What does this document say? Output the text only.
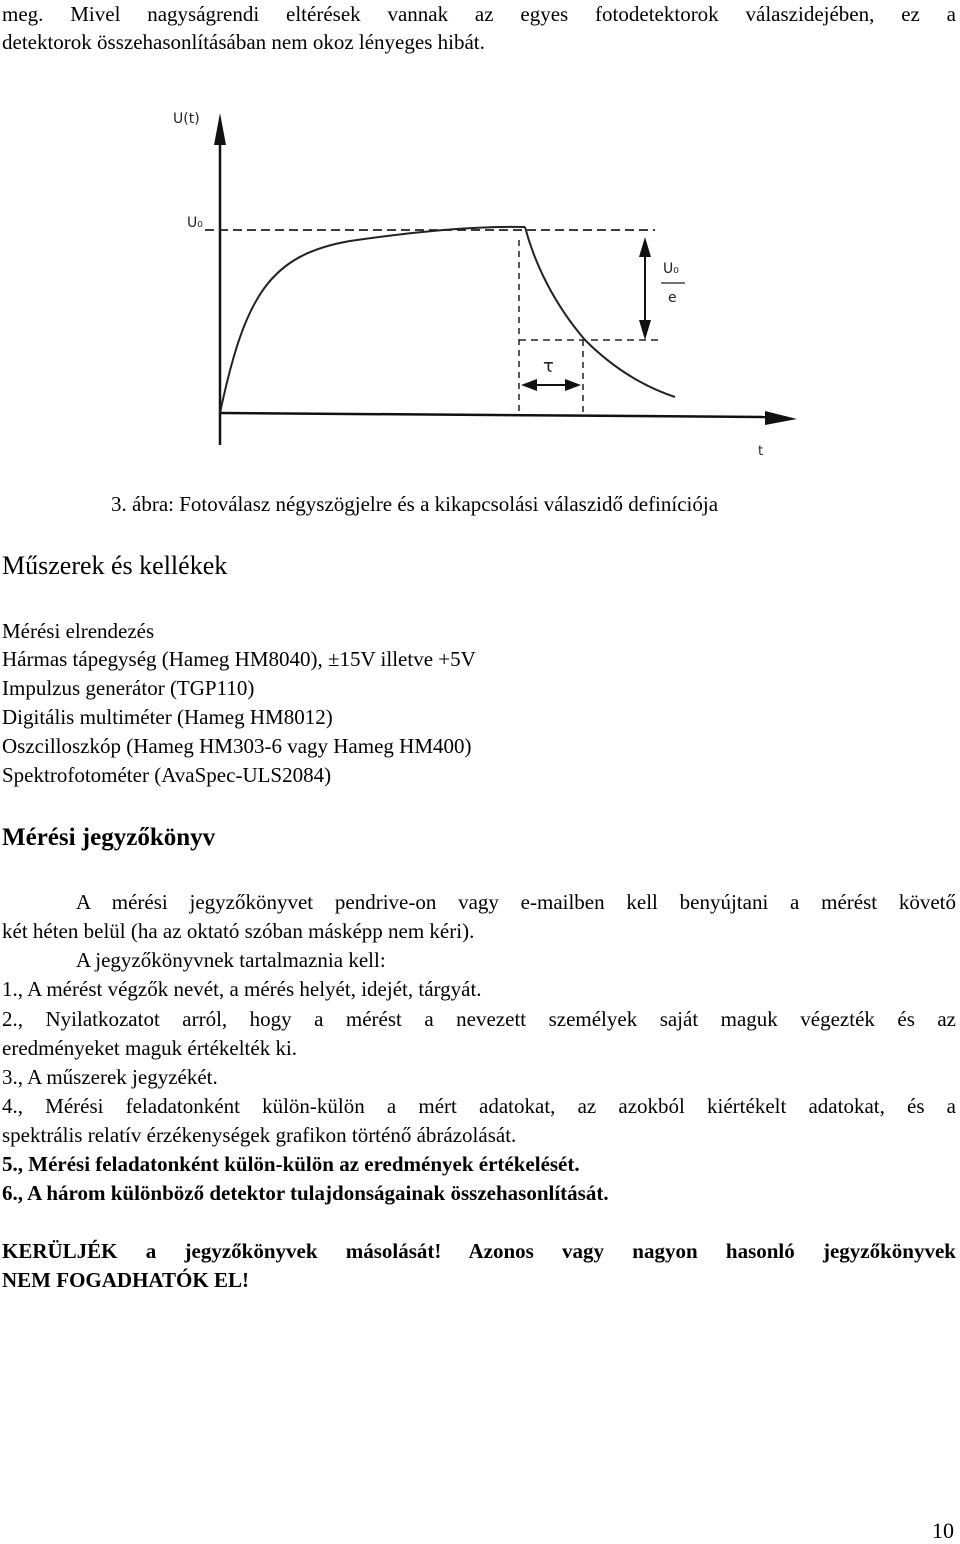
meg. Mivel nagyságrendi eltérések vannak az egyes fotodetektorok válaszidejében, ez a
detektorok összehasonlításában nem okoz lényeges hibát.
U(t)
U₀
U₀
e
τ
t
3. ábra: Fotoválasz négyszögjelre és a kikapcsolási válaszidő definíciója
Műszerek és kellékek
Mérési elrendezés
Hármas tápegység (Hameg HM8040), ±15V illetve +5V
Impulzus generátor (TGP110)
Digitális multiméter (Hameg HM8012)
Oszcilloszkóp (Hameg HM303-6 vagy Hameg HM400)
Spektrofotométer (AvaSpec-ULS2084)
Mérési jegyzőkönyv
A mérési jegyzőkönyvet pendrive-on vagy e-mailben kell benyújtani a mérést követő
két héten belül (ha az oktató szóban másképp nem kéri).
A jegyzőkönyvnek tartalmaznia kell:
1., A mérést végzők nevét, a mérés helyét, idejét, tárgyát.
2., Nyilatkozatot arról, hogy a mérést a nevezett személyek saját maguk végezték és az
eredményeket maguk értékelték ki.
3., A műszerek jegyzékét.
4., Mérési feladatonként külön-külön a mért adatokat, az azokból kiértékelt adatokat, és a
spektrális relatív érzékenységek grafikon történő ábrázolását.
5., Mérési feladatonként külön-külön az eredmények értékelését.
6., A három különböző detektor tulajdonságainak összehasonlítását.
KERÜLJÉK a jegyzőkönyvek másolását! Azonos vagy nagyon hasonló jegyzőkönyvek
NEM FOGADHATÓK EL!
10
